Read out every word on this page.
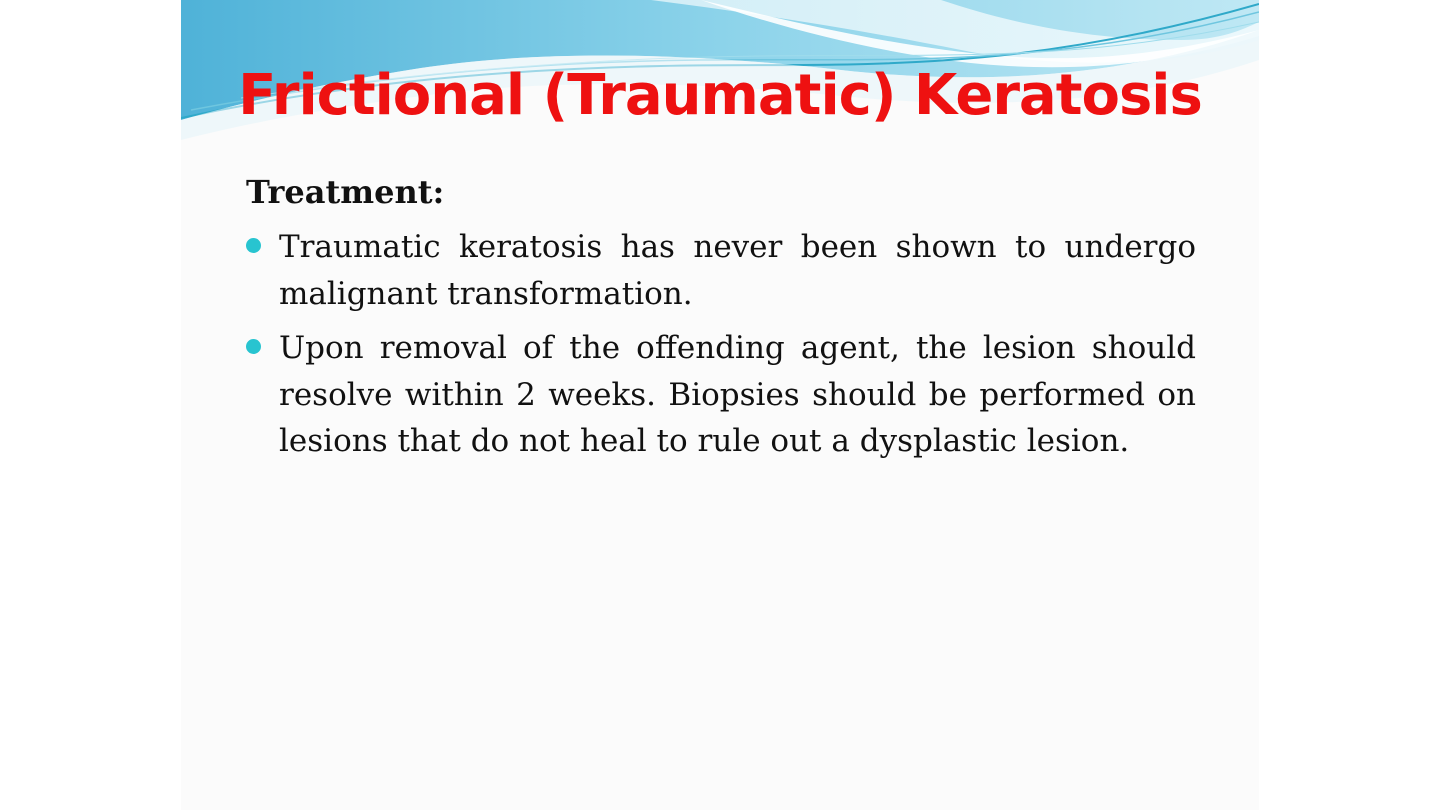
Frictional (Traumatic) Keratosis
Treatment:
Traumatic keratosis has never been shown to undergo malignant transformation.
Upon removal of the offending agent, the lesion should resolve within 2 weeks. Biopsies should be performed on lesions that do not heal to rule out a dysplastic lesion.
